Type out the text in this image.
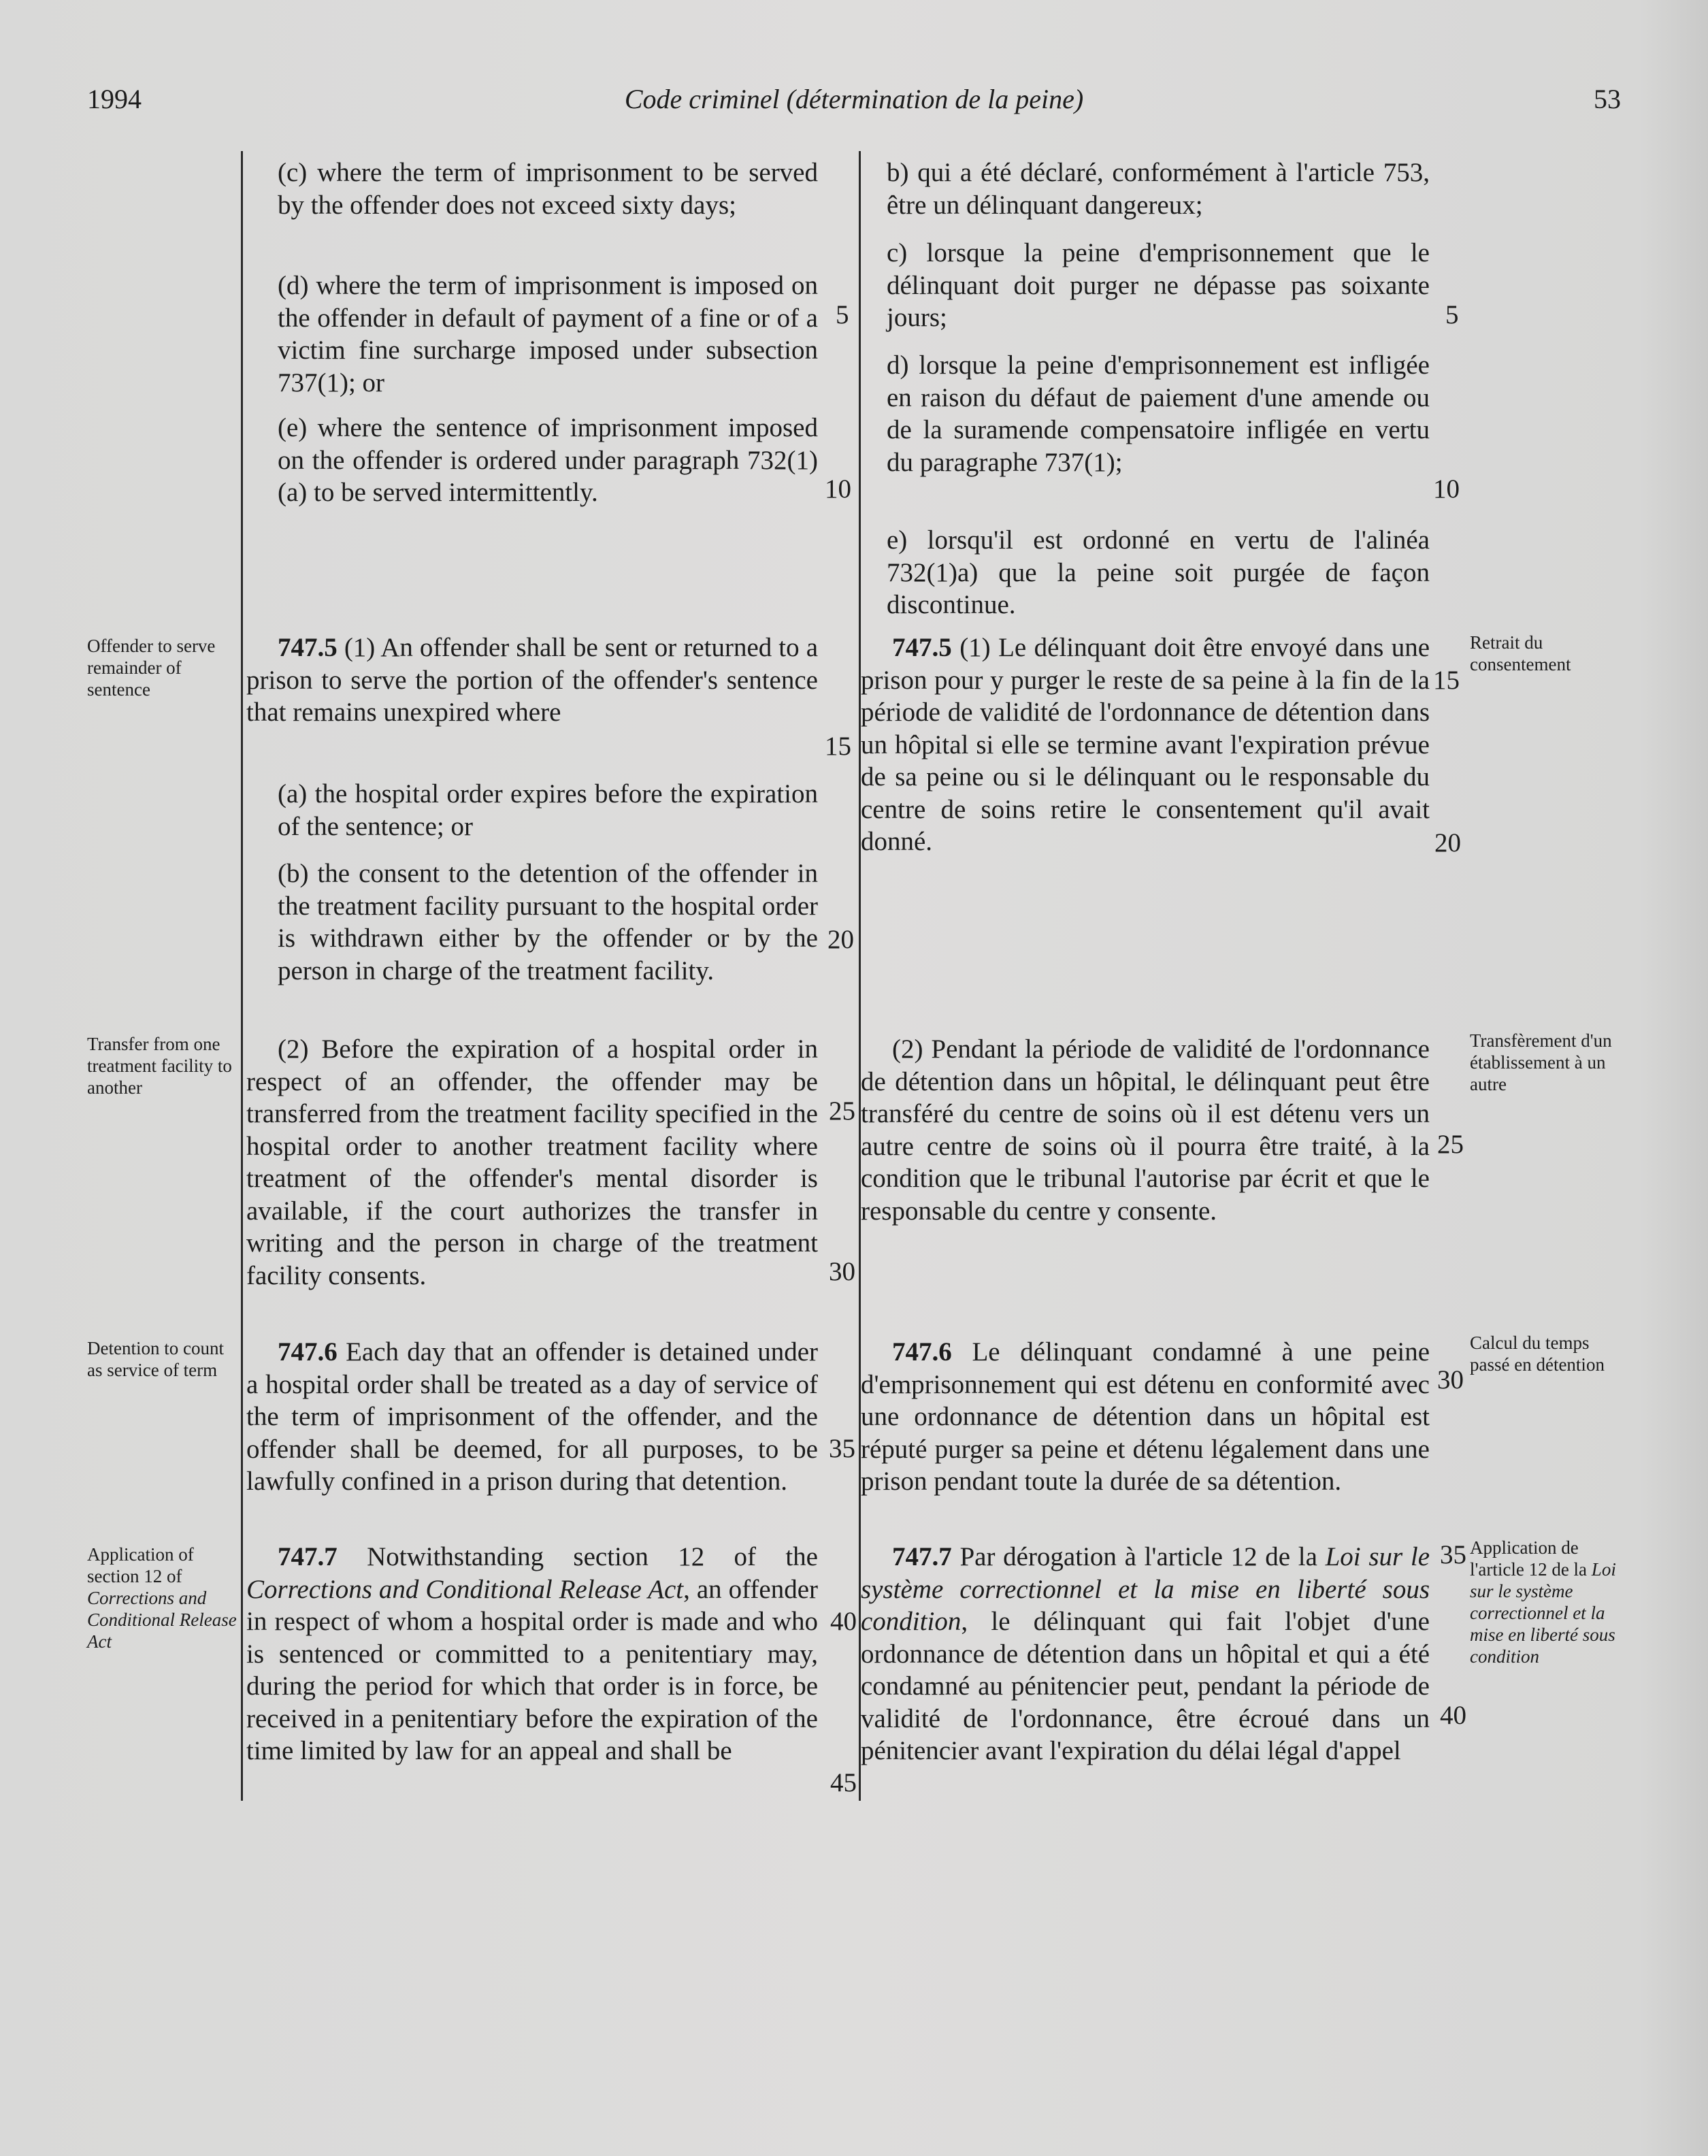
Code criminel (détermination de la peine)
1994	53

(c) where the term of imprisonment to be served by the offender does not exceed sixty days;

(d) where the term of imprisonment is imposed on the offender in default of payment of a fine or of a victim fine surcharge imposed under subsection 737(1); or

(e) where the sentence of imprisonment imposed on the offender is ordered under paragraph 732(1)(a) to be served intermittently.

747.5 (1) An offender shall be sent or returned to a prison to serve the portion of the offender's sentence that remains unexpired where

(a) the hospital order expires before the expiration of the sentence; or

(b) the consent to the detention of the offender in the treatment facility pursuant to the hospital order is withdrawn either by the offender or by the person in charge of the treatment facility.

(2) Before the expiration of a hospital order in respect of an offender, the offender may be transferred from the treatment facility specified in the hospital order to another treatment facility where treatment of the offender's mental disorder is available, if the court authorizes the transfer in writing and the person in charge of the treatment facility consents.

747.6 Each day that an offender is detained under a hospital order shall be treated as a day of service of the term of imprisonment of the offender, and the offender shall be deemed, for all purposes, to be lawfully confined in a prison during that detention.

747.7 Notwithstanding section 12 of the Corrections and Conditional Release Act, an offender in respect of whom a hospital order is made and who is sentenced or committed to a penitentiary may, during the period for which that order is in force, be received in a penitentiary before the expiration of the time limited by law for an appeal and shall be

b) qui a été déclaré, conformément à l'article 753, être un délinquant dangereux;

c) lorsque la peine d'emprisonnement que le délinquant doit purger ne dépasse pas soixante jours;

d) lorsque la peine d'emprisonnement est infligée en raison du défaut de paiement d'une amende ou de la suramende compensatoire infligée en vertu du paragraphe 737(1);

e) lorsqu'il est ordonné en vertu de l'alinéa 732(1)a) que la peine soit purgée de façon discontinue.

747.5 (1) Le délinquant doit être envoyé dans une prison pour y purger le reste de sa peine à la fin de la période de validité de l'ordonnance de détention dans un hôpital si elle se termine avant l'expiration prévue de sa peine ou si le délinquant ou le responsable du centre de soins retire le consentement qu'il avait donné.

(2) Pendant la période de validité de l'ordonnance de détention dans un hôpital, le délinquant peut être transféré du centre de soins où il est détenu vers un autre centre de soins où il pourra être traité, à la condition que le tribunal l'autorise par écrit et que le responsable du centre y consente.

747.6 Le délinquant condamné à une peine d'emprisonnement qui est détenu en conformité avec une ordonnance de détention dans un hôpital est réputé purger sa peine et détenu légalement dans une prison pendant toute la durée de sa détention.

747.7 Par dérogation à l'article 12 de la Loi sur le système correctionnel et la mise en liberté sous condition, le délinquant qui fait l'objet d'une ordonnance de détention dans un hôpital et qui a été condamné au pénitencier peut, pendant la période de validité de l'ordonnance, être écroué dans un pénitencier avant l'expiration du délai légal d'appel

Offender to serve remainder of sentence
Transfer from one treatment facility to another
Detention to count as service of term
Application of section 12 of
Corrections and Conditional Release Act
Retrait du consentement
Transfèrement d'un établissement à un autre
Calcul du temps passé en détention
Application de l'article 12 de la Loi sur le système correctionnel et la mise en liberté sous condition
5
10
15
20
25
30
35
40
45
5
10
15
20
25
30
35
40
